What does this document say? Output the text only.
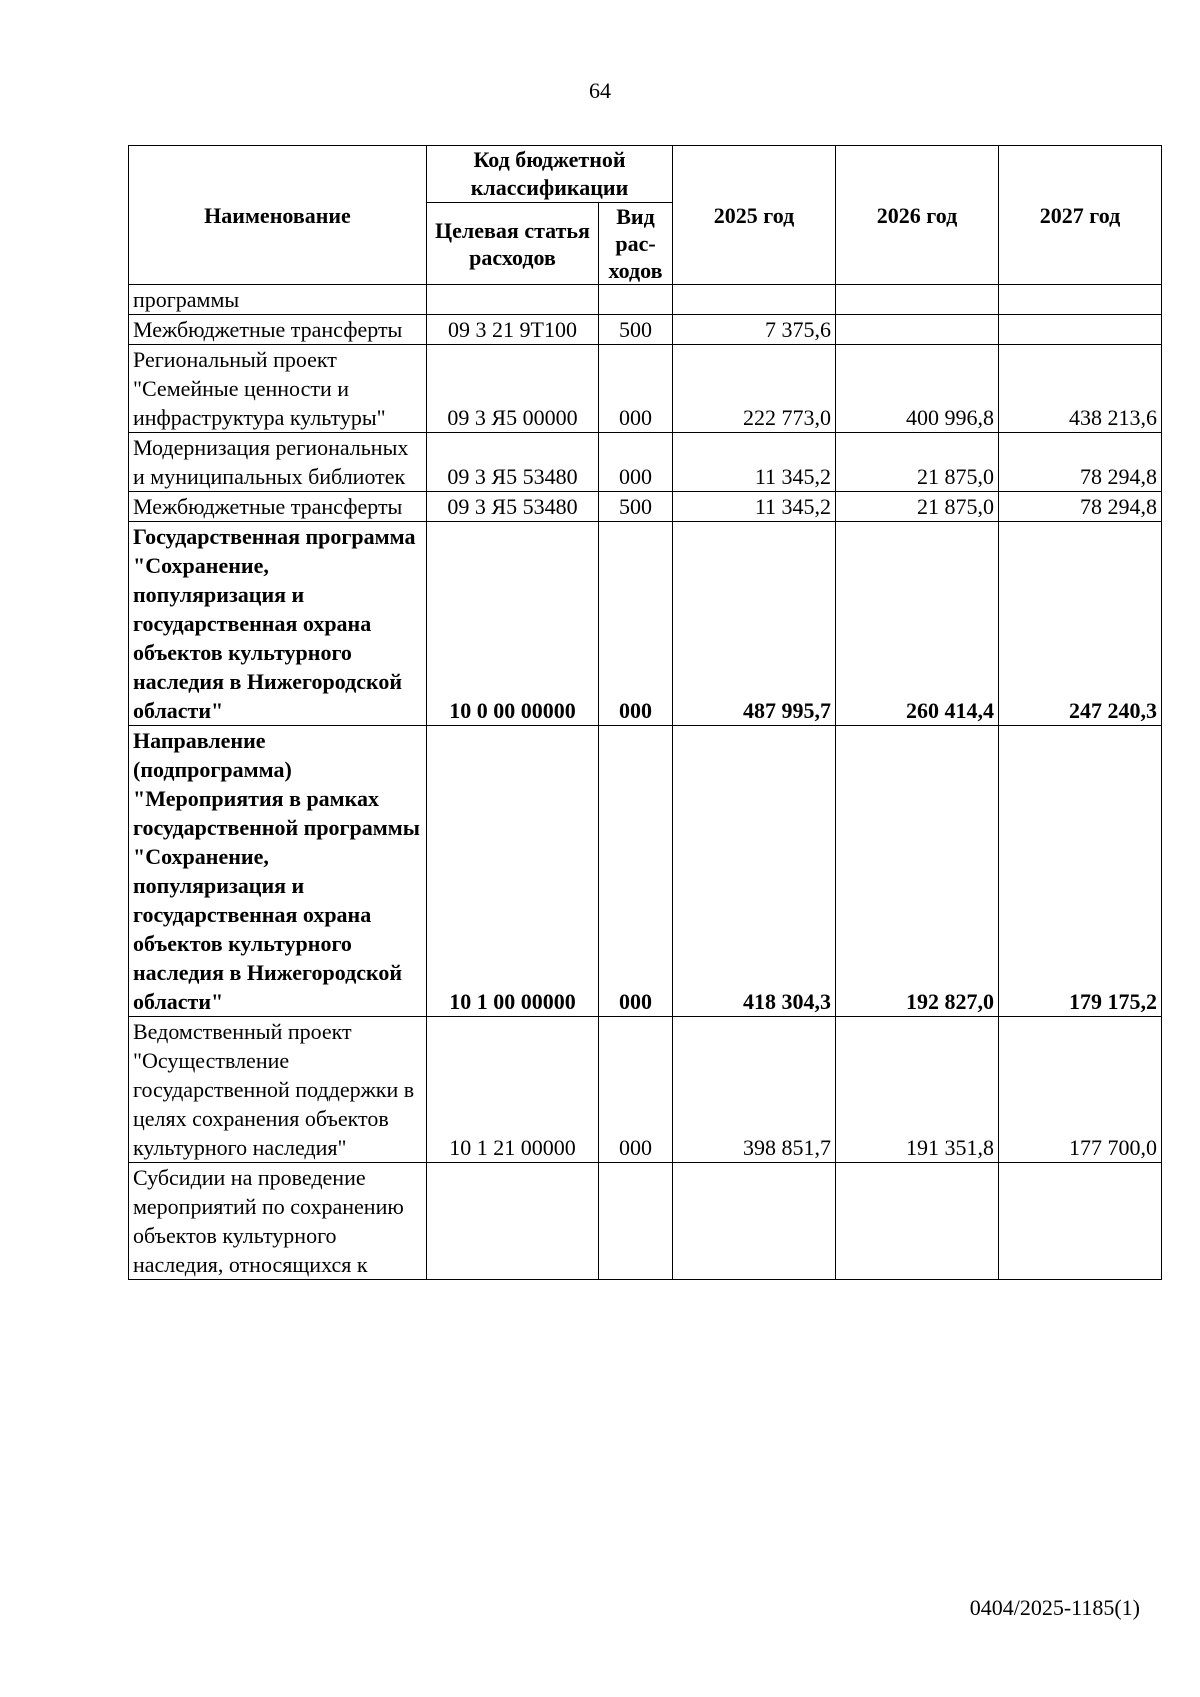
64
Наименование	Код бюджетной классификации		2025 год	2026 год	2027 год
	Целевая статья расходов	Вид рас-ходов			
программы					
Межбюджетные трансферты	09 3 21 9Т100	500	7 375,6		
Региональный проект "Семейные ценности и инфраструктура культуры"	09 3 Я5 00000	000	222 773,0	400 996,8	438 213,6
Модернизация региональных и муниципальных библиотек	09 3 Я5 53480	000	11 345,2	21 875,0	78 294,8
Межбюджетные трансферты	09 3 Я5 53480	500	11 345,2	21 875,0	78 294,8
Государственная программа "Сохранение, популяризация и государственная охрана объектов культурного наследия в Нижегородской области"	10 0 00 00000	000	487 995,7	260 414,4	247 240,3
Направление (подпрограмма) "Мероприятия в рамках государственной программы "Сохранение, популяризация и государственная охрана объектов культурного наследия в Нижегородской области"	10 1 00 00000	000	418 304,3	192 827,0	179 175,2
Ведомственный проект "Осуществление государственной поддержки в целях сохранения объектов культурного наследия"	10 1 21 00000	000	398 851,7	191 351,8	177 700,0
Субсидии на проведение мероприятий по сохранению объектов культурного наследия, относящихся к					
0404/2025-1185(1)
